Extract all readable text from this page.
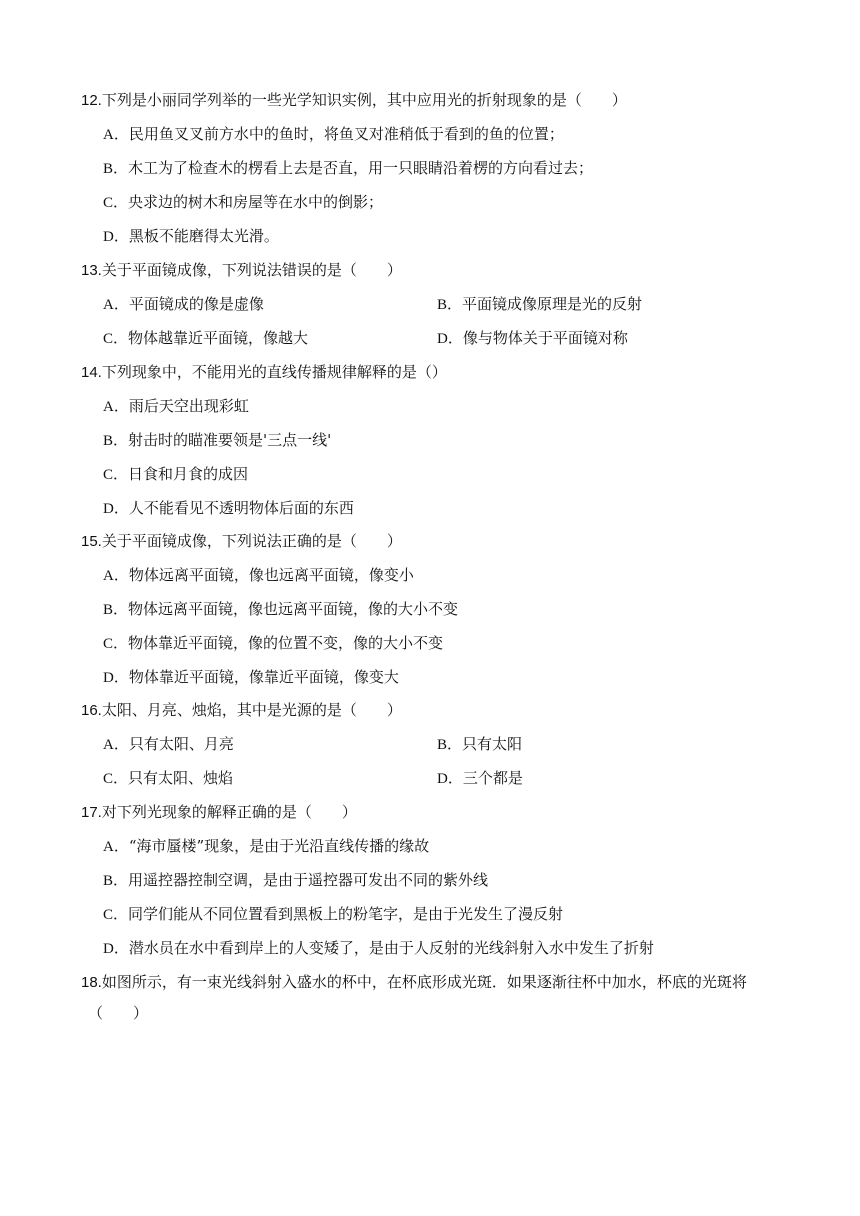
12.下列是小丽同学列举的一些光学知识实例，其中应用光的折射现象的是（　　）
A．民用鱼叉叉前方水中的鱼时，将鱼叉对准稍低于看到的鱼的位置；
B．木工为了检查木的楞看上去是否直，用一只眼睛沿着楞的方向看过去；
C．央求边的树木和房屋等在水中的倒影；
D．黑板不能磨得太光滑。
13.关于平面镜成像，下列说法错误的是（　　）
A．平面镜成的像是虚像	B．平面镜成像原理是光的反射
C．物体越靠近平面镜，像越大	D．像与物体关于平面镜对称
14.下列现象中，不能用光的直线传播规律解释的是（）
A．雨后天空出现彩虹
B．射击时的瞄准要领是'三点一线'
C．日食和月食的成因
D．人不能看见不透明物体后面的东西
15.关于平面镜成像，下列说法正确的是（　　）
A．物体远离平面镜，像也远离平面镜，像变小
B．物体远离平面镜，像也远离平面镜，像的大小不变
C．物体靠近平面镜，像的位置不变，像的大小不变
D．物体靠近平面镜，像靠近平面镜，像变大
16.太阳、月亮、烛焰，其中是光源的是（　　）
A．只有太阳、月亮	B．只有太阳
C．只有太阳、烛焰	D．三个都是
17.对下列光现象的解释正确的是（　　）
A．“海市蜃楼”现象，是由于光沿直线传播的缘故
B．用遥控器控制空调，是由于遥控器可发出不同的紫外线
C．同学们能从不同位置看到黑板上的粉笔字，是由于光发生了漫反射
D．潜水员在水中看到岸上的人变矮了，是由于人反射的光线斜射入水中发生了折射
18.如图所示，有一束光线斜射入盛水的杯中，在杯底形成光斑．如果逐渐往杯中加水，杯底的光斑将
（　　）
